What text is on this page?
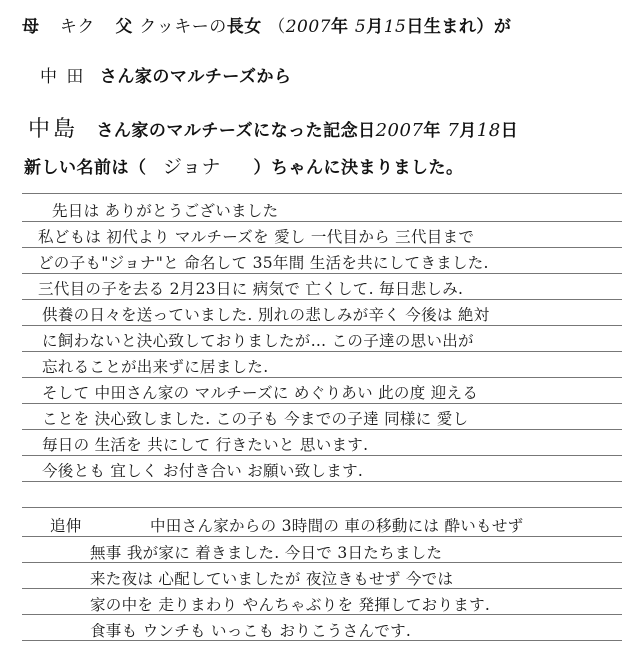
母 キク 父 クッキーの長女 （2007年 5月15日生まれ）が
中 田 さん家のマルチーズから
中島 さん家のマルチーズになった記念日2007年 7月18日
新しい名前は（ ジョナ ）ちゃんに決まりました。
先日は ありがとうございました
私どもは 初代より マルチーズを 愛し 一代目から 三代目まで
どの子も"ジョナ"と 命名して 35年間 生活を共にしてきました.
三代目の子を去る 2月23日に 病気で 亡くして. 毎日悲しみ.
供養の日々を送っていました. 別れの悲しみが辛く 今後は 絶対
に飼わないと決心致しておりましたが… この子達の思い出が
忘れることが出来ずに居ました.
そして 中田さん家の マルチーズに めぐりあい 此の度 迎える
ことを 決心致しました. この子も 今までの子達 同様に 愛し
毎日の 生活を 共にして 行きたいと 思います.
今後とも 宜しく お付き合い お願い致します.
追伸	中田さん家からの 3時間の 車の移動には 酔いもせず
無事 我が家に 着きました. 今日で 3日たちました
来た夜は 心配していましたが 夜泣きもせず 今では
家の中を 走りまわり やんちゃぶりを 発揮しております.
食事も ウンチも いっこも おりこうさんです.
